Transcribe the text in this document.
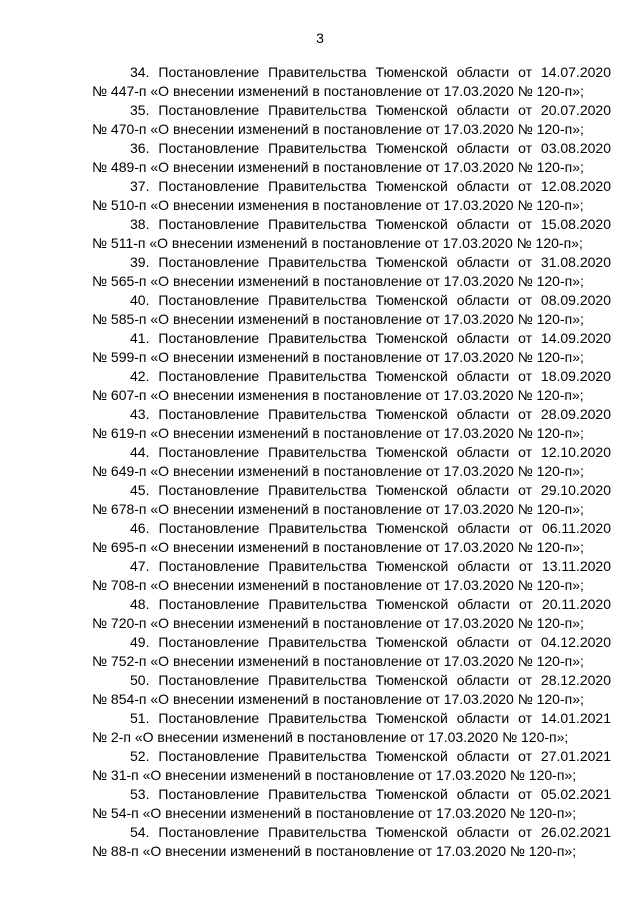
3
34. Постановление Правительства Тюменской области от 14.07.2020
№ 447-п «О внесении изменений в постановление от 17.03.2020 № 120-п»;
35. Постановление Правительства Тюменской области от 20.07.2020
№ 470-п «О внесении изменений в постановление от 17.03.2020 № 120-п»;
36. Постановление Правительства Тюменской области от 03.08.2020
№ 489-п «О внесении изменений в постановление от 17.03.2020 № 120-п»;
37. Постановление Правительства Тюменской области от 12.08.2020
№ 510-п «О внесении изменения в постановление от 17.03.2020 № 120-п»;
38. Постановление Правительства Тюменской области от 15.08.2020
№ 511-п «О внесении изменений в постановление от 17.03.2020 № 120-п»;
39. Постановление Правительства Тюменской области от 31.08.2020
№ 565-п «О внесении изменений в постановление от 17.03.2020 № 120-п»;
40. Постановление Правительства Тюменской области от 08.09.2020
№ 585-п «О внесении изменений в постановление от 17.03.2020 № 120-п»;
41. Постановление Правительства Тюменской области от 14.09.2020
№ 599-п «О внесении изменений в постановление от 17.03.2020 № 120-п»;
42. Постановление Правительства Тюменской области от 18.09.2020
№ 607-п «О внесении изменения в постановление от 17.03.2020 № 120-п»;
43. Постановление Правительства Тюменской области от 28.09.2020
№ 619-п «О внесении изменений в постановление от 17.03.2020 № 120-п»;
44. Постановление Правительства Тюменской области от 12.10.2020
№ 649-п «О внесении изменений в постановление от 17.03.2020 № 120-п»;
45. Постановление Правительства Тюменской области от 29.10.2020
№ 678-п «О внесении изменений в постановление от 17.03.2020 № 120-п»;
46. Постановление Правительства Тюменской области от 06.11.2020
№ 695-п «О внесении изменений в постановление от 17.03.2020 № 120-п»;
47. Постановление Правительства Тюменской области от 13.11.2020
№ 708-п «О внесении изменений в постановление от 17.03.2020 № 120-п»;
48. Постановление Правительства Тюменской области от 20.11.2020
№ 720-п «О внесении изменений в постановление от 17.03.2020 № 120-п»;
49. Постановление Правительства Тюменской области от 04.12.2020
№ 752-п «О внесении изменений в постановление от 17.03.2020 № 120-п»;
50. Постановление Правительства Тюменской области от 28.12.2020
№ 854-п «О внесении изменений в постановление от 17.03.2020 № 120-п»;
51. Постановление Правительства Тюменской области от 14.01.2021
№ 2-п «О внесении изменений в постановление от 17.03.2020 № 120-п»;
52. Постановление Правительства Тюменской области от 27.01.2021
№ 31-п «О внесении изменений в постановление от 17.03.2020 № 120-п»;
53. Постановление Правительства Тюменской области от 05.02.2021
№ 54-п «О внесении изменений в постановление от 17.03.2020 № 120-п»;
54. Постановление Правительства Тюменской области от 26.02.2021
№ 88-п «О внесении изменений в постановление от 17.03.2020 № 120-п»;
